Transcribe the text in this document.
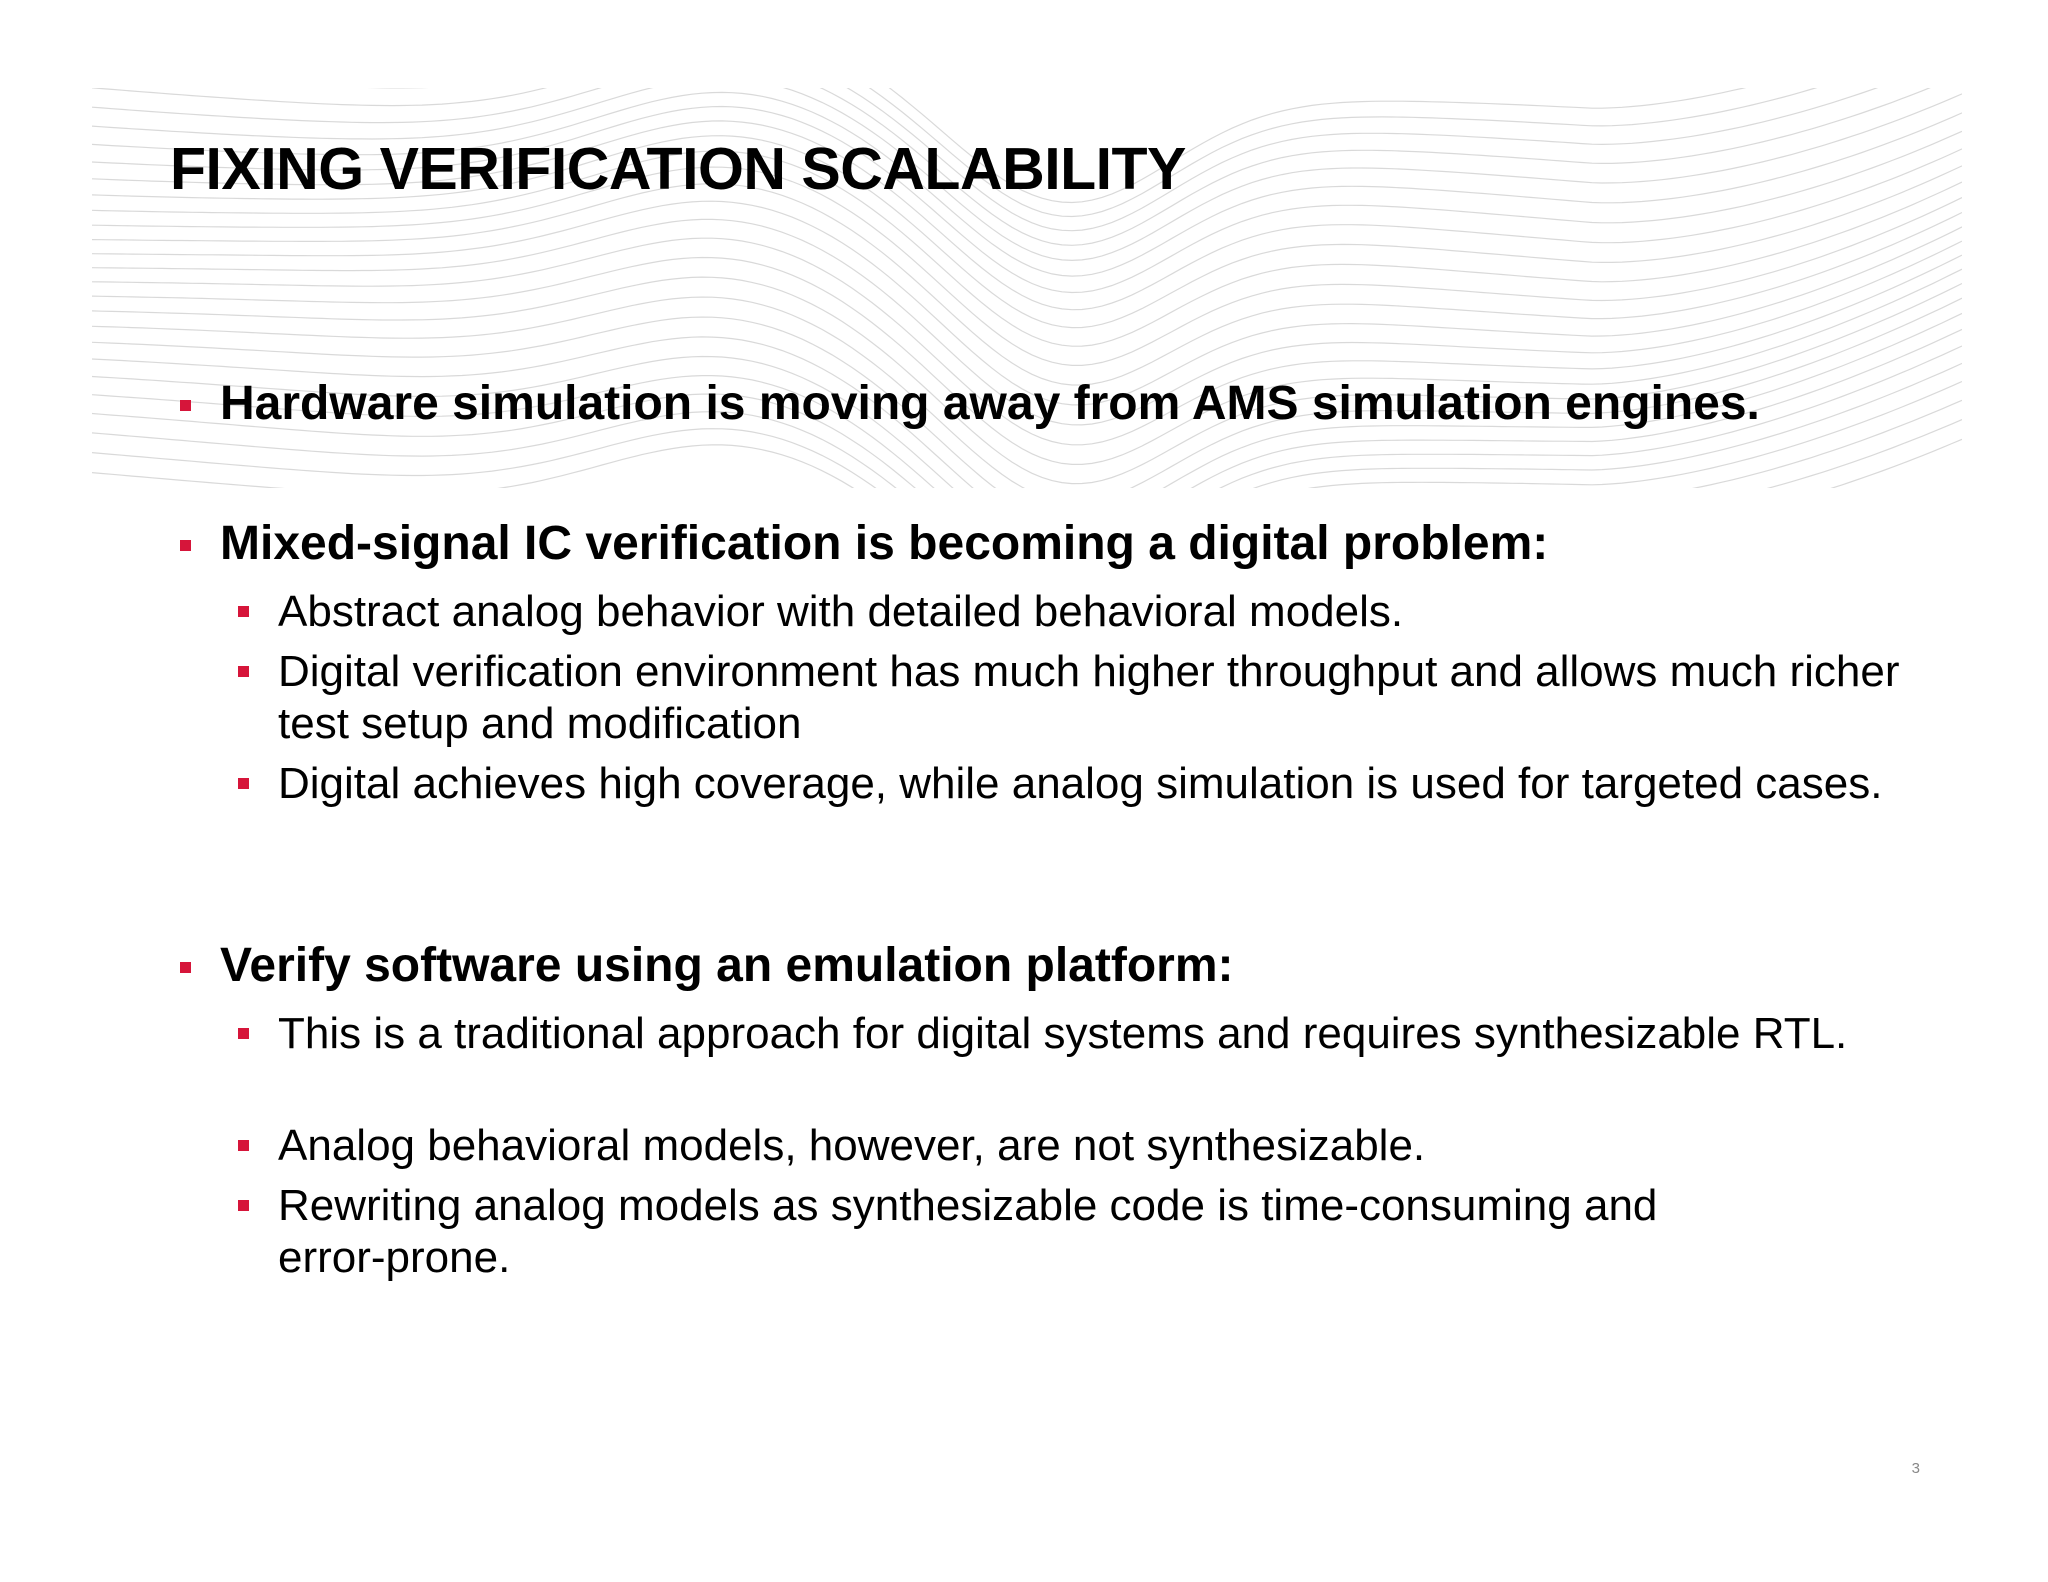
FIXING VERIFICATION SCALABILITY
Hardware simulation is moving away from AMS simulation engines.
Mixed-signal IC verification is becoming a digital problem:
Abstract analog behavior with detailed behavioral models.
Digital verification environment has much higher throughput and allows much richer test setup and modification
Digital achieves high coverage, while analog simulation is used for targeted cases.
Verify software using an emulation platform:
This is a traditional approach for digital systems and requires synthesizable RTL.
Analog behavioral models, however, are not synthesizable.
Rewriting analog models as synthesizable code is time-consuming and error-prone.
3
